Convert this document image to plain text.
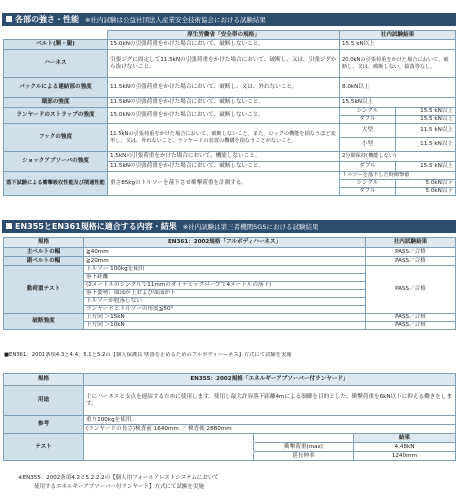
各部の強さ・性能 ※社内試験は公益社団法人産業安全技術協会における試験結果
	厚生労働省「安全帯の規格」	社内試験結果	
ベルト(胴・腿)	15.0kNの引張荷重をかけた場合において、破断しないこと。	15.5 kN以上	
ハーネス	引張ジグに固定して11.5kNの引張荷重をかけた場合において、破断し、又は、引張ジグから抜けないこと。	20.0kNの引張荷重をかけた場合において、破断し、又は、破断しない。抜落等なし。	
バックルによる連結部の強度	11.5kNの引張荷重をかけた場合において、破断し、又は、外れないこと。	8.0kN以上	
環部の強度	11.5kNの引張荷重をかけた場合において、破断しないこと。	15.5kN以上	
ランヤードのストラップの強度	15.0kNの引張荷重をかけた場合において、破断しないこと。	シングル	15.5 kN以上
		ダブル	15.5 kN以上
フックの強度	11.5kNの引張荷重をかけた場合において、破断しないこと。また、ロックの機能を損なうほど変形し、又は、外れないこと。ランヤードの装置の機構を損なうことがないこと。	大型	11.5 kN以上
		小型	11.5 kN以上
ショックアブソーバの強度	1.5kNの引張荷重をかけた場合において、機能しないこと。	2分間保持(機能しない)	
	11.5kNの引張荷重をかけた場合において、破断しないこと。	ダブル	15.5 kN以上
落下試験による衝撃吸収性能及び関連性能	重さ85kgのトルソーを落下させ衝撃荷重を計測する。	トルソーを落下した時衝撃値	
		シングル	5.0kN以下
		ダブル	5.0kN以下
EN355とEN361規格に適合する内容・結果 ※社内試験は第三者機関SGSにおける試験結果
規格	EN361：2002規格「フルボディハーネス」	社内試験結果
主ベルトの幅	≧40mm	PASS／合格
副ベルトの幅	≧20mm	PASS／合格
動荷重テスト	トルソー 100kgを使用	PASS／合格
	落下距離	
	(2メートルのシングルで11mmのダイナミックロープで4メートルの落下)	
	落下姿勢：頭部が上および頭部が下	
	トルソーが脱落しない	
	ランヤードとトルソーの角度≦50°	
破断強度	上方向 ＞15kN	PASS／合格
	下方向 ＞10kN	PASS／合格
■EN361：2001条項4.3と4.4、5.1と5.2の【個人保護具 墜落を止めるためのフルボディハーネス】方式にて試験を実施
規格	EN355：2002規格「エネルギーアブソーバー付ランヤード」		
用途	主にハーネスと支点を連結するために使用します。使用し最大許容落下距離4mによる制御を目的とした、衝撃荷重を6kN以下に抑える働きをします。		
参考	重り100kgを使用。		
	(ランヤードの長さ)検査前 1640mm ／ 検査後 2880mm		
テスト			結果
		衝撃荷重(max)	4.48kN
		延長伸率	1240mm
※EN355：2002条項4.2と5.2.2.2の【個人用フォールアレストシステムにおいて
使用するエネルギーアブソーバー付ランヤード】方式にて試験を実施
